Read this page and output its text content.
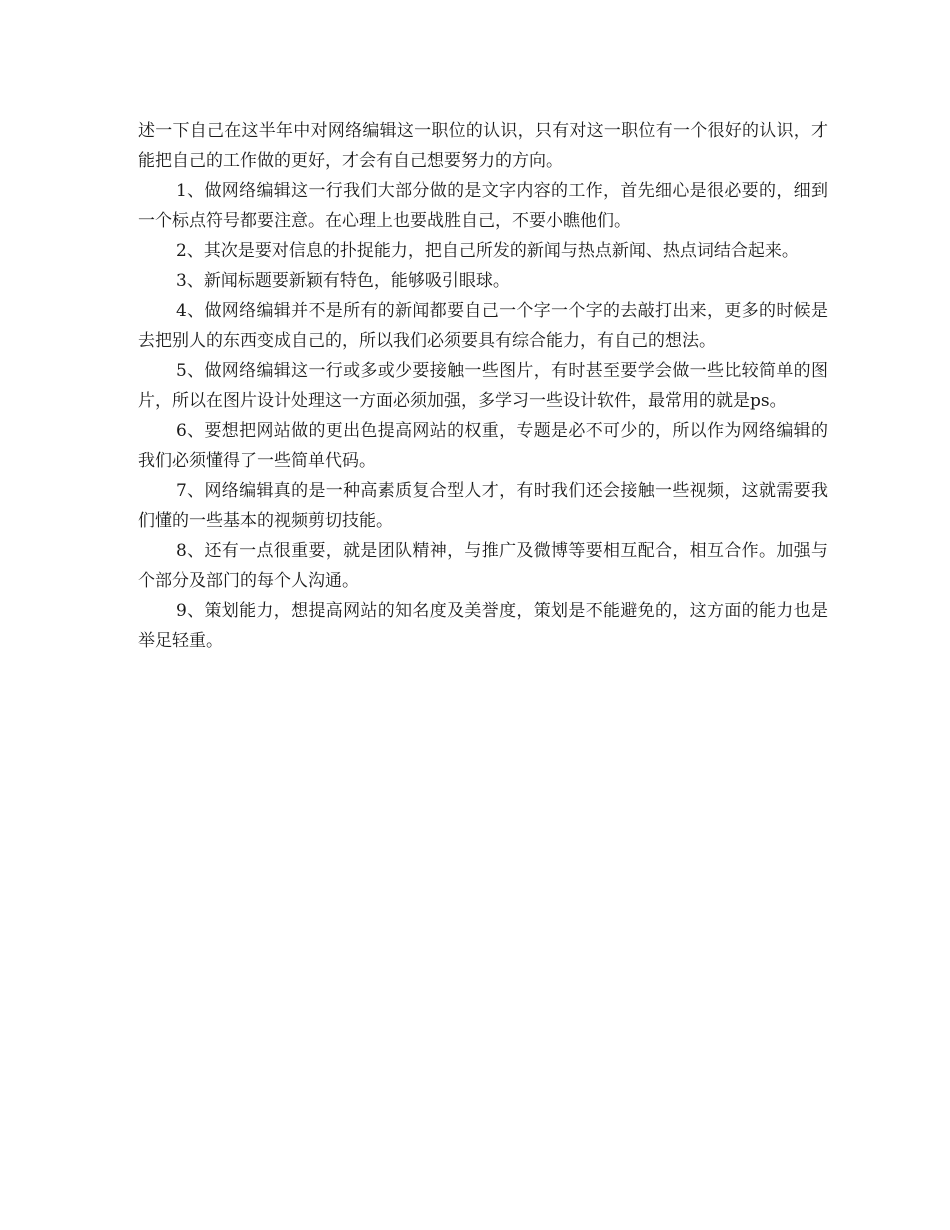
述一下自己在这半年中对网络编辑这一职位的认识，只有对这一职位有一个很好的认识，才能把自己的工作做的更好，才会有自己想要努力的方向。

1、做网络编辑这一行我们大部分做的是文字内容的工作，首先细心是很必要的，细到一个标点符号都要注意。在心理上也要战胜自己，不要小瞧他们。

2、其次是要对信息的扑捉能力，把自己所发的新闻与热点新闻、热点词结合起来。

3、新闻标题要新颖有特色，能够吸引眼球。

4、做网络编辑并不是所有的新闻都要自己一个字一个字的去敲打出来，更多的时候是去把别人的东西变成自己的，所以我们必须要具有综合能力，有自己的想法。

5、做网络编辑这一行或多或少要接触一些图片，有时甚至要学会做一些比较简单的图片，所以在图片设计处理这一方面必须加强，多学习一些设计软件，最常用的就是ps。

6、要想把网站做的更出色提高网站的权重，专题是必不可少的，所以作为网络编辑的我们必须懂得了一些简单代码。

7、网络编辑真的是一种高素质复合型人才，有时我们还会接触一些视频，这就需要我们懂的一些基本的视频剪切技能。

8、还有一点很重要，就是团队精神，与推广及微博等要相互配合，相互合作。加强与个部分及部门的每个人沟通。

9、策划能力，想提高网站的知名度及美誉度，策划是不能避免的，这方面的能力也是举足轻重。
